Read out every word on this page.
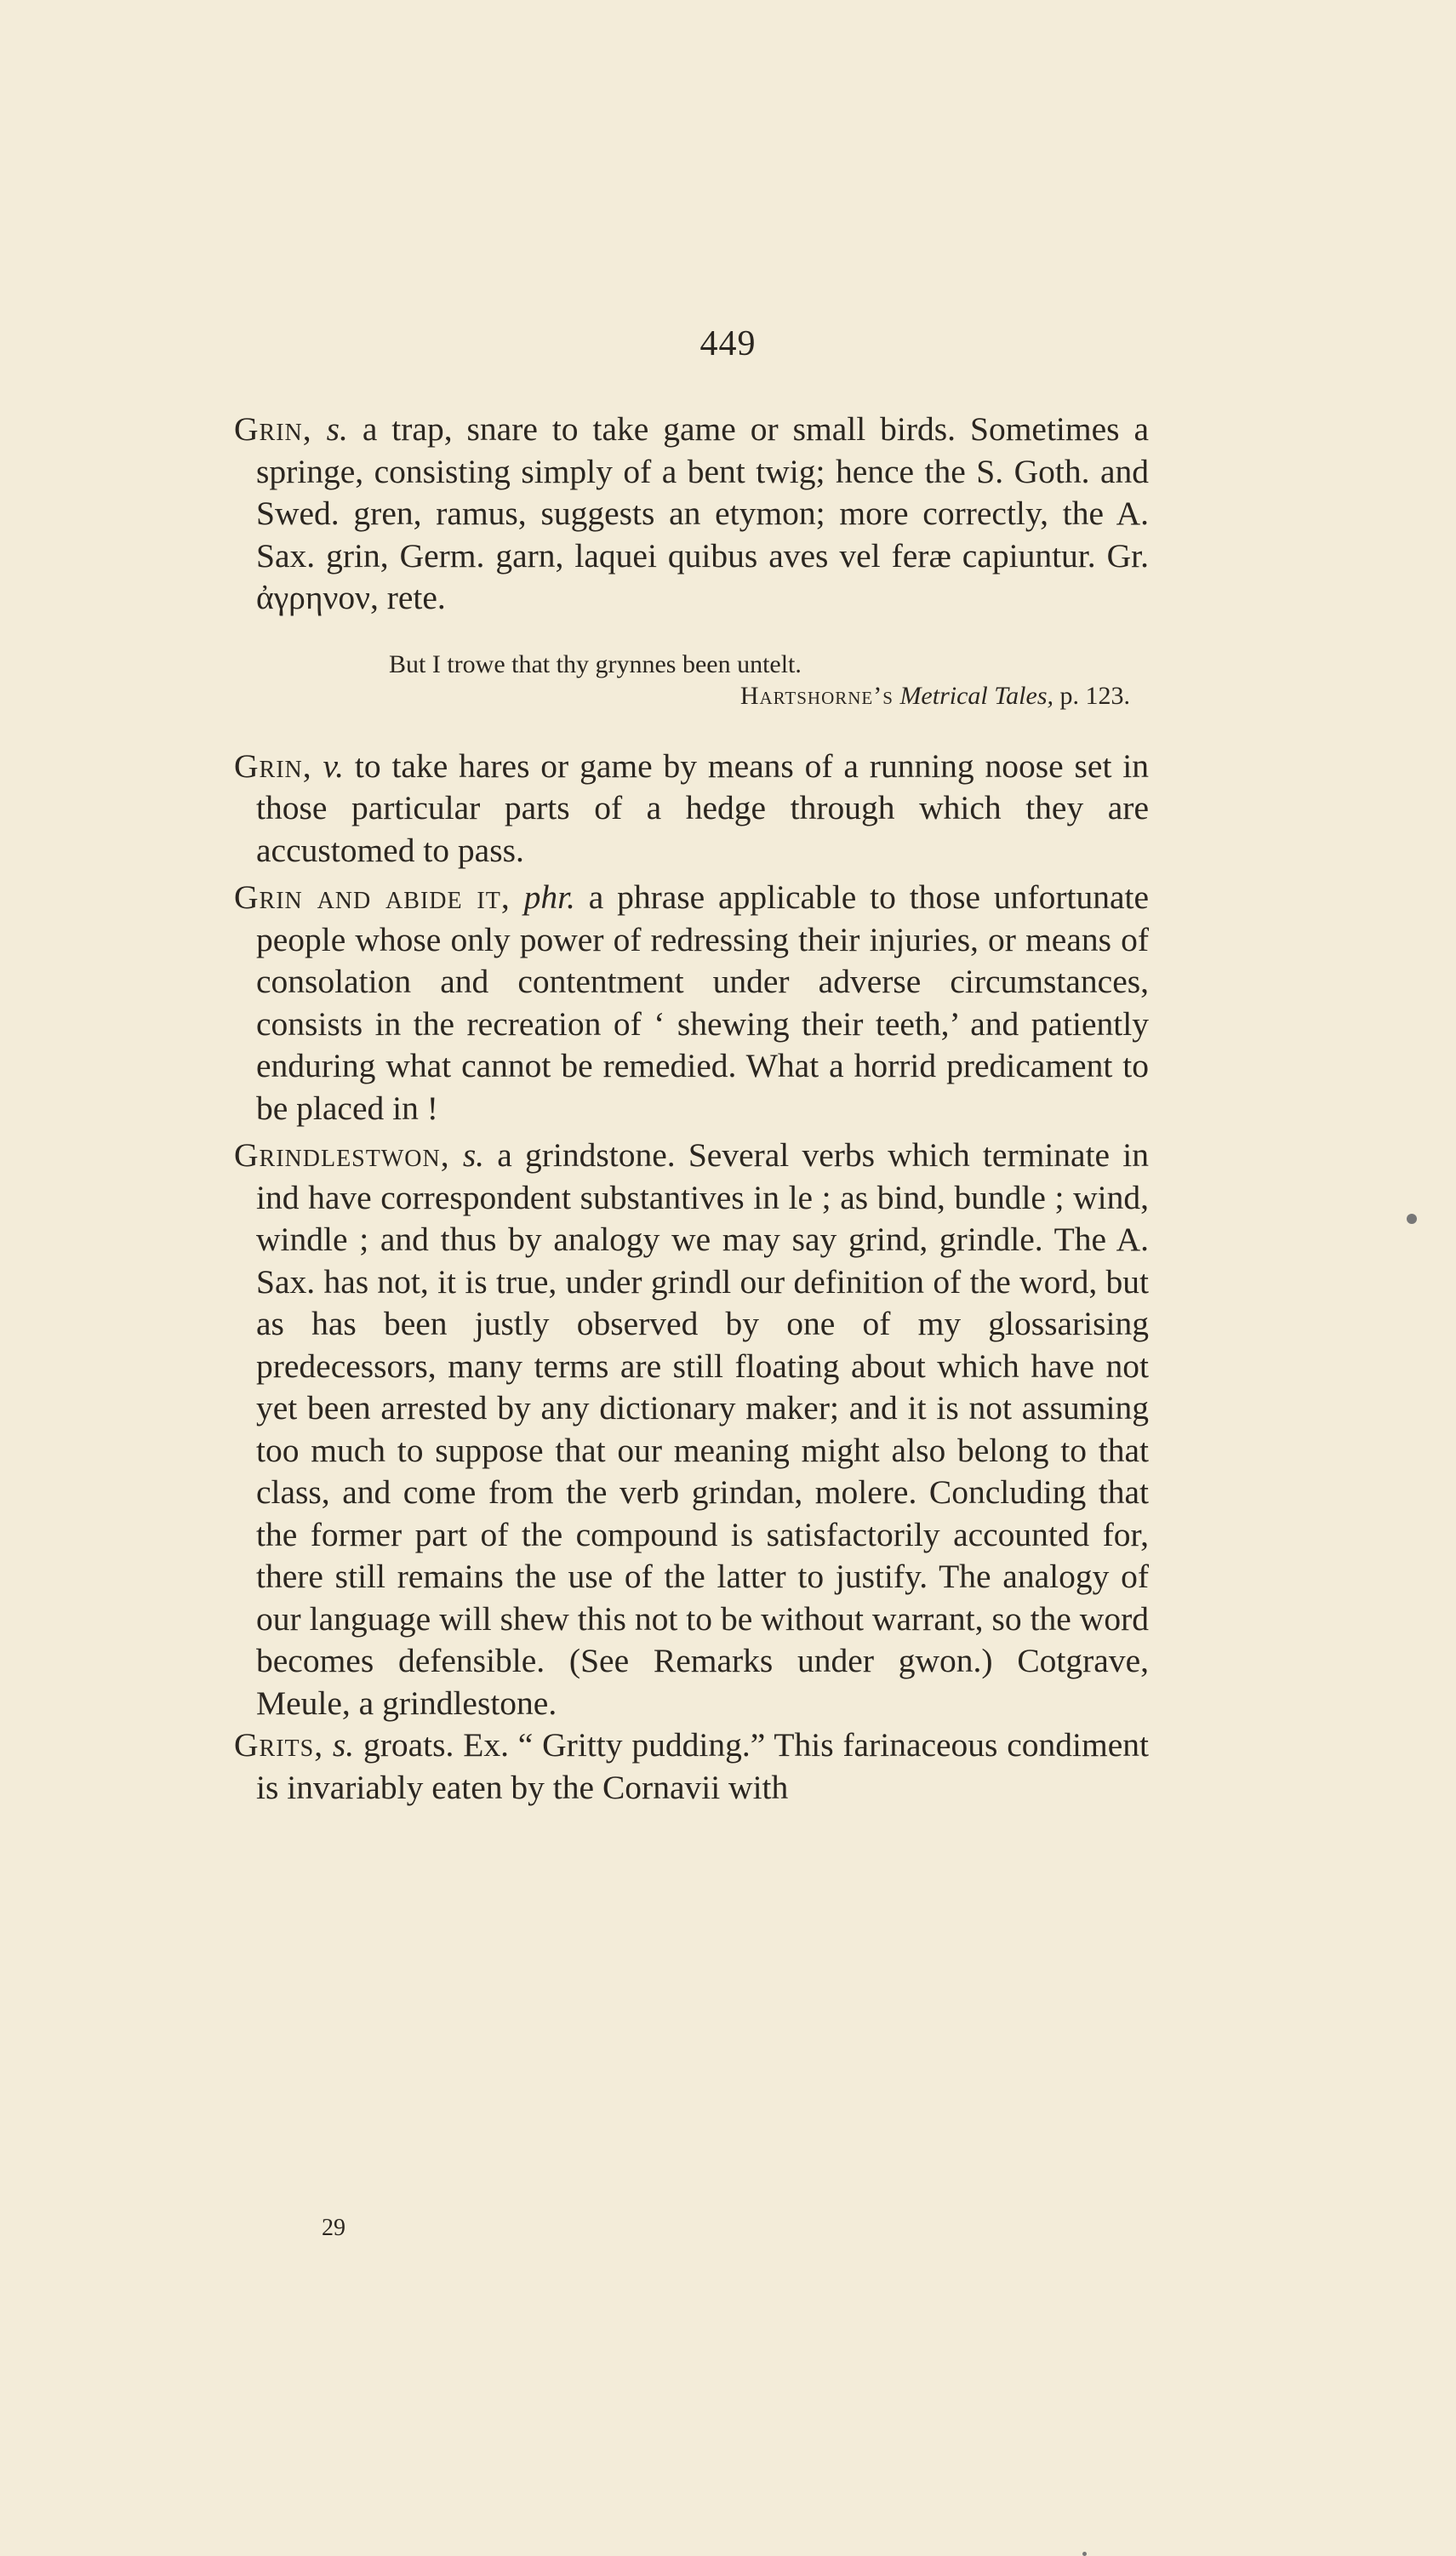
449

Grin, s. a trap, snare to take game or small birds. Sometimes a springe, consisting simply of a bent twig; hence the S. Goth. and Swed. gren, ramus, suggests an etymon; more correctly, the A. Sax. grin, Germ. garn, laquei quibus aves vel feræ capiuntur. Gr. ἀγρηνον, rete.

But I trowe that thy grynnes been untelt.
Hartshorne’s Metrical Tales, p. 123.

Grin, v. to take hares or game by means of a running noose set in those particular parts of a hedge through which they are accustomed to pass.

Grin and abide it, phr. a phrase applicable to those unfortunate people whose only power of redressing their injuries, or means of consolation and contentment under adverse circumstances, consists in the recreation of ‘ shewing their teeth,’ and patiently enduring what cannot be remedied. What a horrid predicament to be placed in !

Grindlestwon, s. a grindstone. Several verbs which terminate in ind have correspondent substantives in le ; as bind, bundle ; wind, windle ; and thus by analogy we may say grind, grindle. The A. Sax. has not, it is true, under grindl our definition of the word, but as has been justly observed by one of my glossarising predecessors, many terms are still floating about which have not yet been arrested by any dictionary maker; and it is not assuming too much to suppose that our meaning might also belong to that class, and come from the verb grindan, molere. Concluding that the former part of the compound is satisfactorily accounted for, there still remains the use of the latter to justify. The analogy of our language will shew this not to be without warrant, so the word becomes defensible. (See Remarks under gwon.) Cotgrave, Meule, a grindlestone.

Grits, s. groats. Ex. “ Gritty pudding.” This farinaceous condiment is invariably eaten by the Cornavii with

29
